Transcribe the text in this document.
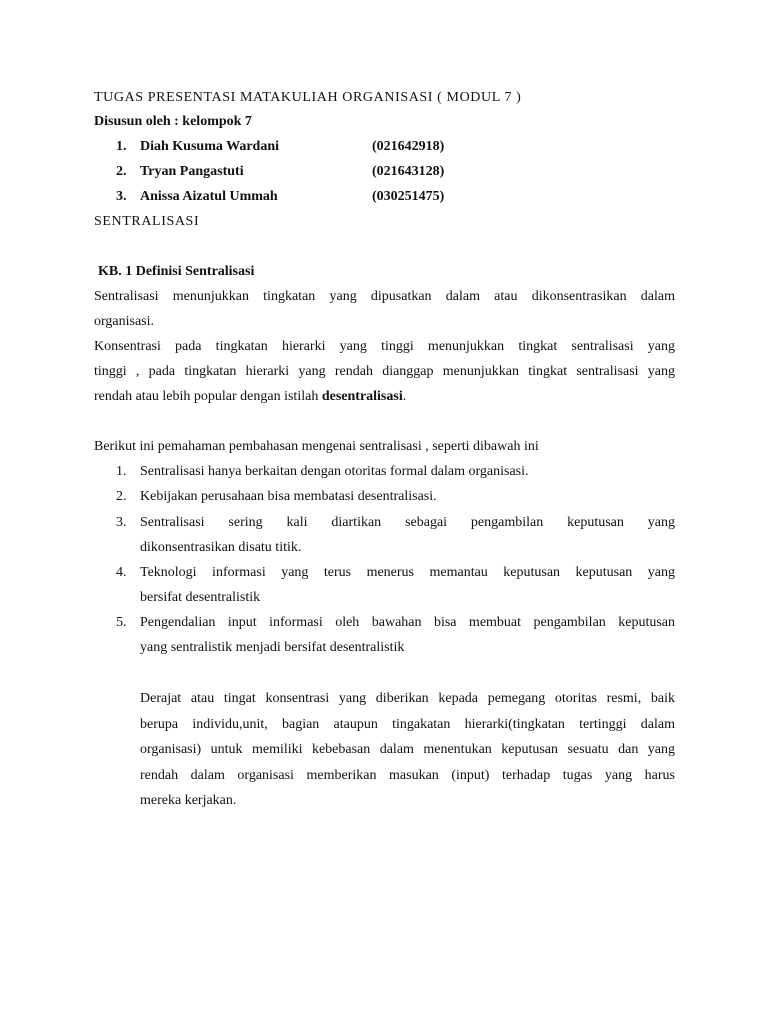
TUGAS PRESENTASI MATAKULIAH ORGANISASI ( MODUL 7 )
Disusun oleh : kelompok 7
1. Diah Kusuma Wardani	(021642918)
2. Tryan Pangastuti	(021643128)
3. Anissa Aizatul Ummah	(030251475)
SENTRALISASI
KB. 1 Definisi Sentralisasi
Sentralisasi menunjukkan tingkatan yang dipusatkan dalam atau dikonsentrasikan dalam
organisasi.
Konsentrasi pada tingkatan hierarki yang tinggi menunjukkan tingkat sentralisasi yang
tinggi , pada tingkatan hierarki yang rendah dianggap menunjukkan tingkat sentralisasi yang
rendah atau lebih popular dengan istilah desentralisasi.
Berikut ini pemahaman pembahasan mengenai sentralisasi , seperti dibawah ini
1. Sentralisasi hanya berkaitan dengan otoritas formal dalam organisasi.
2. Kebijakan perusahaan bisa membatasi desentralisasi.
3. Sentralisasi sering kali diartikan sebagai pengambilan keputusan yang
dikonsentrasikan disatu titik.
4. Teknologi informasi yang terus menerus memantau keputusan keputusan yang
bersifat desentralistik
5. Pengendalian input informasi oleh bawahan bisa membuat pengambilan keputusan
yang sentralistik menjadi bersifat desentralistik
Derajat atau tingat konsentrasi yang diberikan kepada pemegang otoritas resmi, baik
berupa individu,unit, bagian ataupun tingakatan hierarki(tingkatan tertinggi dalam
organisasi) untuk memiliki kebebasan dalam menentukan keputusan sesuatu dan yang
rendah dalam organisasi memberikan masukan (input) terhadap tugas yang harus
mereka kerjakan.
